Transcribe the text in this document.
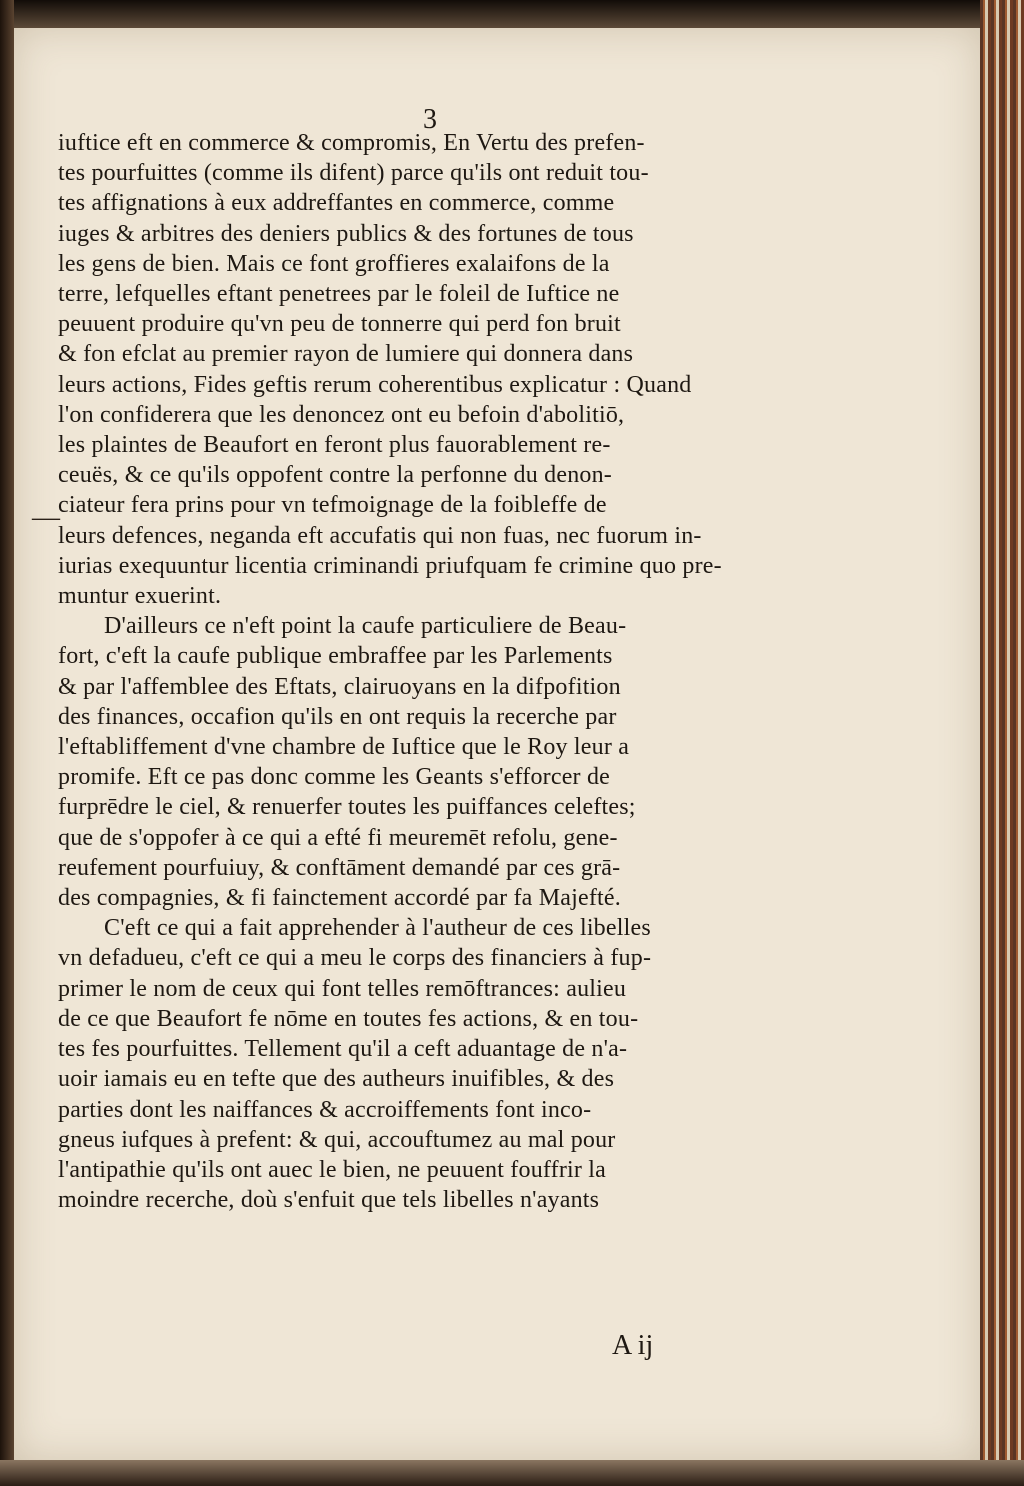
3
—
iuftice eft en commerce & compromis, En Vertu des prefen-
tes pourfuittes (comme ils difent) parce qu'ils ont reduit tou-
tes affignations à eux addreffantes en commerce, comme
iuges & arbitres des deniers publics & des fortunes de tous
les gens de bien. Mais ce font groffieres exalaifons de la
terre, lefquelles eftant penetrees par le foleil de Iuftice ne
peuuent produire qu'vn peu de tonnerre qui perd fon bruit
& fon efclat au premier rayon de lumiere qui donnera dans
leurs actions, Fides geftis rerum coherentibus explicatur : Quand
l'on confiderera que les denoncez ont eu befoin d'abolitiō,
les plaintes de Beaufort en feront plus fauorablement re-
ceuës, & ce qu'ils oppofent contre la perfonne du denon-
ciateur fera prins pour vn tefmoignage de la foibleffe de
leurs defences, neganda eft accufatis qui non fuas, nec fuorum in-
iurias exequuntur licentia criminandi priufquam fe crimine quo pre-
muntur exuerint.
D'ailleurs ce n'eft point la caufe particuliere de Beau-
fort, c'eft la caufe publique embraffee par les Parlements
& par l'affemblee des Eftats, clairuoyans en la difpofition
des finances, occafion qu'ils en ont requis la recerche par
l'eftabliffement d'vne chambre de Iuftice que le Roy leur a
promife. Eft ce pas donc comme les Geants s'efforcer de
furprēdre le ciel, & renuerfer toutes les puiffances celeftes;
que de s'oppofer à ce qui a efté fi meuremēt refolu, gene-
reufement pourfuiuy, & conftāment demandé par ces grā-
des compagnies, & fi fainctement accordé par fa Majefté.
C'eft ce qui a fait apprehender à l'autheur de ces libelles
vn defadueu, c'eft ce qui a meu le corps des financiers à fup-
primer le nom de ceux qui font telles remōftrances: aulieu
de ce que Beaufort fe nōme en toutes fes actions, & en tou-
tes fes pourfuittes. Tellement qu'il a ceft aduantage de n'a-
uoir iamais eu en tefte que des autheurs inuifibles, & des
parties dont les naiffances & accroiffements font inco-
gneus iufques à prefent: & qui, accouftumez au mal pour
l'antipathie qu'ils ont auec le bien, ne peuuent fouffrir la
moindre recerche, doù s'enfuit que tels libelles n'ayants
A ij
